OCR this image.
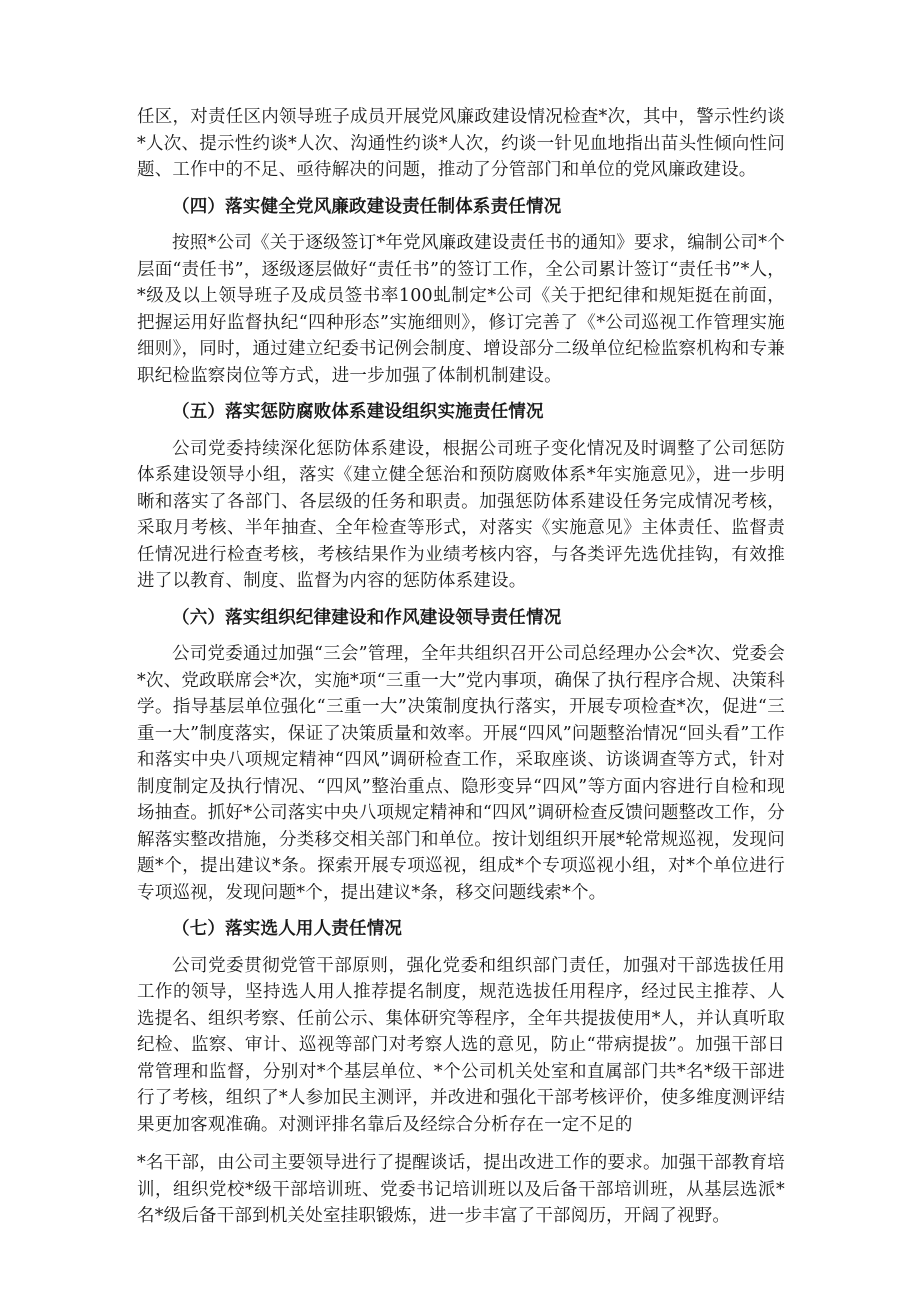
任区，对责任区内领导班子成员开展党风廉政建设情况检查*次，其中，警示性约谈*人次、提示性约谈*人次、沟通性约谈*人次，约谈一针见血地指出苗头性倾向性问题、工作中的不足、亟待解决的问题，推动了分管部门和单位的党风廉政建设。

（四）落实健全党风廉政建设责任制体系责任情况

按照*公司《关于逐级签订*年党风廉政建设责任书的通知》要求，编制公司*个层面“责任书”，逐级逐层做好“责任书”的签订工作，全公司累计签订“责任书”*人，*级及以上领导班子及成员签书率100虬制定*公司《关于把纪律和规矩挺在前面，把握运用好监督执纪“四种形态”实施细则》，修订完善了《*公司巡视工作管理实施细则》，同时，通过建立纪委书记例会制度、增设部分二级单位纪检监察机构和专兼职纪检监察岗位等方式，进一步加强了体制机制建设。

（五）落实惩防腐败体系建设组织实施责任情况

公司党委持续深化惩防体系建设，根据公司班子变化情况及时调整了公司惩防体系建设领导小组，落实《建立健全惩治和预防腐败体系*年实施意见》，进一步明晰和落实了各部门、各层级的任务和职责。加强惩防体系建设任务完成情况考核，采取月考核、半年抽查、全年检查等形式，对落实《实施意见》主体责任、监督责任情况进行检查考核，考核结果作为业绩考核内容，与各类评先选优挂钩，有效推进了以教育、制度、监督为内容的惩防体系建设。

（六）落实组织纪律建设和作风建设领导责任情况

公司党委通过加强“三会”管理，全年共组织召开公司总经理办公会*次、党委会*次、党政联席会*次，实施*项“三重一大”党内事项，确保了执行程序合规、决策科学。指导基层单位强化“三重一大”决策制度执行落实，开展专项检查*次，促进“三重一大”制度落实，保证了决策质量和效率。开展“四风”问题整治情况“回头看”工作和落实中央八项规定精神“四风”调研检查工作，采取座谈、访谈调查等方式，针对制度制定及执行情况、“四风”整治重点、隐形变异“四风”等方面内容进行自检和现场抽查。抓好*公司落实中央八项规定精神和“四风”调研检查反馈问题整改工作，分解落实整改措施，分类移交相关部门和单位。按计划组织开展*轮常规巡视，发现问题*个，提出建议*条。探索开展专项巡视，组成*个专项巡视小组，对*个单位进行专项巡视，发现问题*个，提出建议*条，移交问题线索*个。

（七）落实选人用人责任情况

公司党委贯彻党管干部原则，强化党委和组织部门责任，加强对干部选拔任用工作的领导，坚持选人用人推荐提名制度，规范选拔任用程序，经过民主推荐、人选提名、组织考察、任前公示、集体研究等程序，全年共提拔使用*人，并认真听取纪检、监察、审计、巡视等部门对考察人选的意见，防止“带病提拔”。加强干部日常管理和监督，分别对*个基层单位、*个公司机关处室和直属部门共*名*级干部进行了考核，组织了*人参加民主测评，并改进和强化干部考核评价，使多维度测评结果更加客观准确。对测评排名靠后及经综合分析存在一定不足的

*名干部，由公司主要领导进行了提醒谈话，提出改进工作的要求。加强干部教育培训，组织党校*级干部培训班、党委书记培训班以及后备干部培训班，从基层选派*名*级后备干部到机关处室挂职锻炼，进一步丰富了干部阅历，开阔了视野。
